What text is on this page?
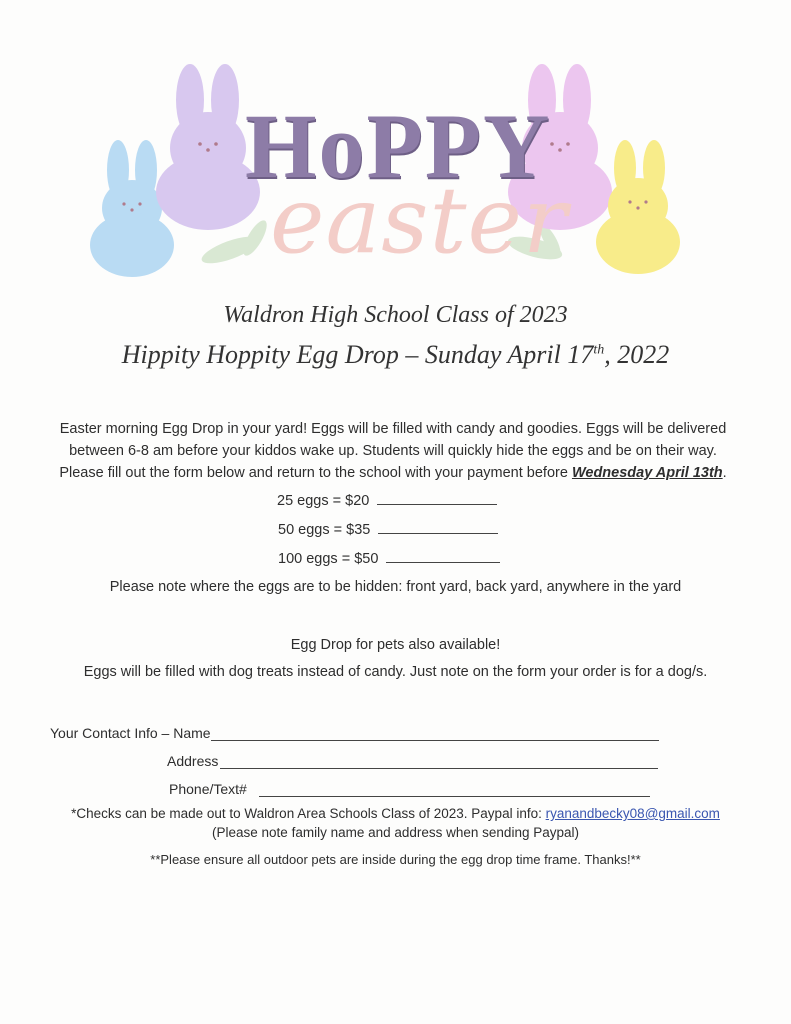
HoPPY
easter
Waldron High School Class of 2023
Hippity Hoppity Egg Drop – Sunday April 17th, 2022
Easter morning Egg Drop in your yard! Eggs will be filled with candy and goodies. Eggs will be delivered between 6-8 am before your kiddos wake up. Students will quickly hide the eggs and be on their way. Please fill out the form below and return to the school with your payment before Wednesday April 13th.
25 eggs = $20
50 eggs = $35
100 eggs = $50
Please note where the eggs are to be hidden: front yard, back yard, anywhere in the yard
Egg Drop for pets also available!
Eggs will be filled with dog treats instead of candy. Just note on the form your order is for a dog/s.
Your Contact Info – Name
Address
Phone/Text#
*Checks can be made out to Waldron Area Schools Class of 2023. Paypal info: ryanandbecky08@gmail.com
(Please note family name and address when sending Paypal)
**Please ensure all outdoor pets are inside during the egg drop time frame. Thanks!**
